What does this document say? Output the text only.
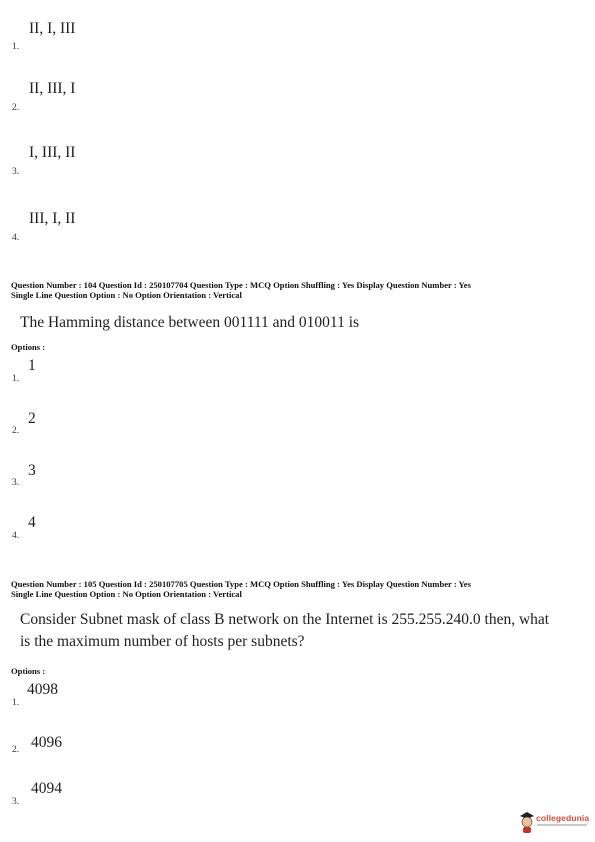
II, I, III
1.
II, III, I
2.
I, III, II
3.
III, I, II
4.
Question Number : 104 Question Id : 250107704 Question Type : MCQ Option Shuffling : Yes Display Question Number : Yes
Single Line Question Option : No Option Orientation : Vertical
The Hamming distance between 001111 and 010011 is
Options :
1
1.
2
2.
3
3.
4
4.
Question Number : 105 Question Id : 250107705 Question Type : MCQ Option Shuffling : Yes Display Question Number : Yes
Single Line Question Option : No Option Orientation : Vertical
Consider Subnet mask of class B network on the Internet is 255.255.240.0 then, what
is the maximum number of hosts per subnets?
Options :
4098
1.
4096
2.
4094
3.
collegedunia
